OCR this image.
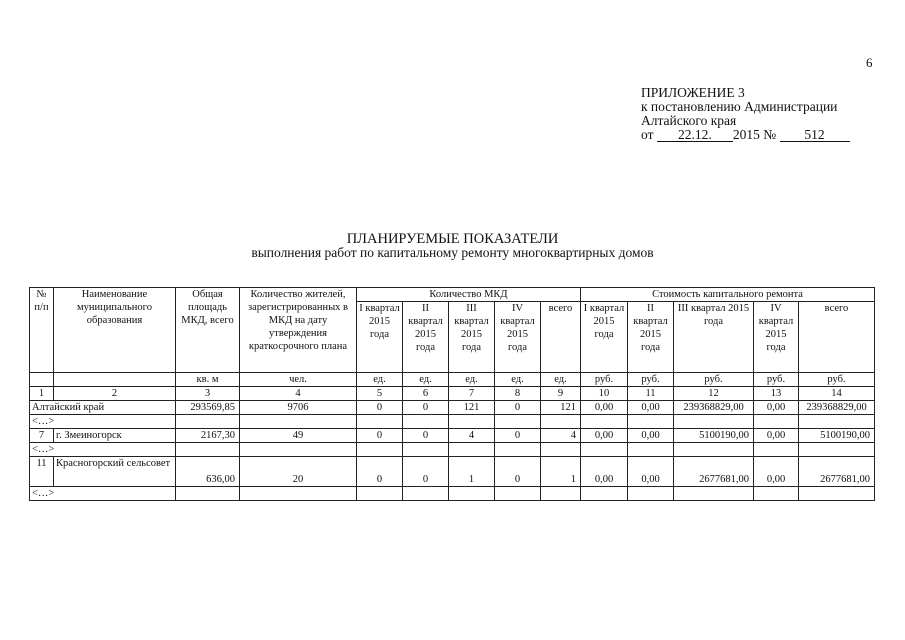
6
ПРИЛОЖЕНИЕ 3
к постановлению Администрации
Алтайского края
от 22.12. 2015 № 512
ПЛАНИРУЕМЫЕ ПОКАЗАТЕЛИ
выполнения работ по капитальному ремонту многоквартирных домов
№ п/п	Наименование муниципального образования	Общая площадь МКД, всего	Количество жителей, зарегистрированных в МКД на дату утверждения краткосрочного плана	Количество МКД					Стоимость капитального ремонта				
				I квартал 2015 года	II квартал 2015 года	III квартал 2015 года	IV квартал 2015 года	всего	I квартал 2015 года	II квартал 2015 года	III квартал 2015 года	IV квартал 2015 года	всего
		кв. м	чел.	ед.	ед.	ед.	ед.	ед.	руб.	руб.	руб.	руб.	руб.
1	2	3	4	5	6	7	8	9	10	11	12	13	14
Алтайский край		293569,85	9706	0	0	121	0	121	0,00	0,00	239368829,00	0,00	239368829,00
<…>													
7	г. Змеиногорск	2167,30	49	0	0	4	0	4	0,00	0,00	5100190,00	0,00	5100190,00
<…>													
11	Красногорский сельсовет	636,00	20	0	0	1	0	1	0,00	0,00	2677681,00	0,00	2677681,00
<…>													
